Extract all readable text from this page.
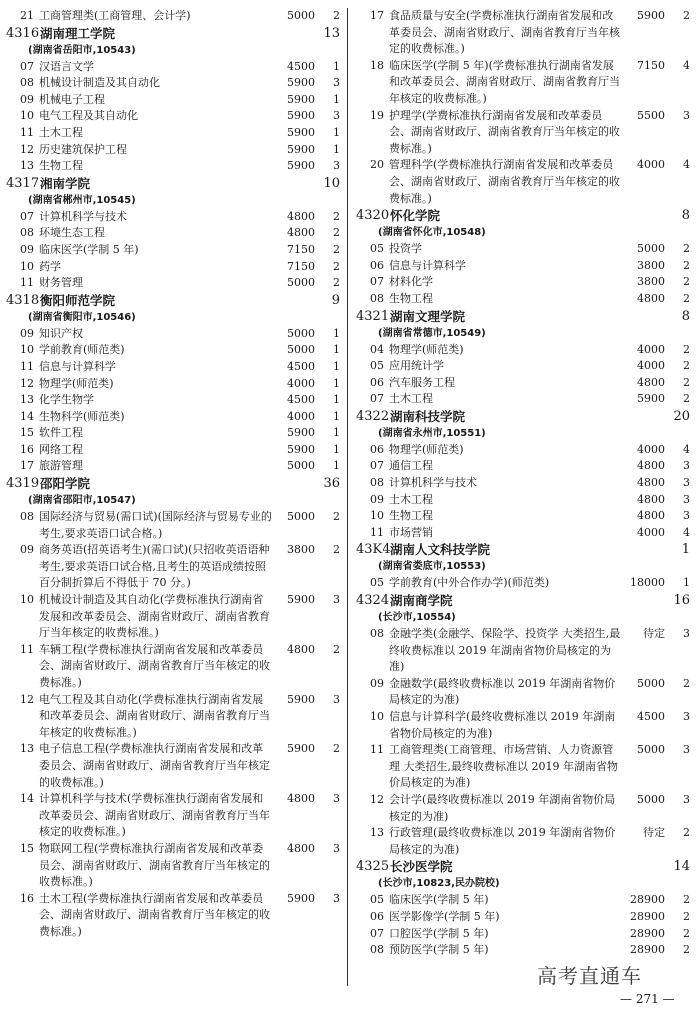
21 工商管理类(工商管理、会计学)	5000 2
4316 湖南理工学院	13

(湖南省岳阳市,10543)
07 汉语言文学	4500 1
08 机械设计制造及其自动化	5900 3
09 机械电子工程	5900 1
10 电气工程及其自动化	5900 3
11 土木工程	5900 1
12 历史建筑保护工程	5900 1
13 生物工程	5900 3
4317 湘南学院	10

(湖南省郴州市,10545)
07 计算机科学与技术	4800 2
08 环境生态工程	4800 2
09 临床医学(学制 5 年)	7150 2
10 药学	7150 2
11 财务管理	5000 2
4318 衡阳师范学院	9

(湖南省衡阳市,10546)
09 知识产权	5000 1
10 学前教育(师范类)	5000 1
11 信息与计算科学	4500 1
12 物理学(师范类)	4000 1
13 化学生物学	4500 1
14 生物科学(师范类)	4000 1
15 软件工程	5900 1
16 网络工程	5900 1
17 旅游管理	5000 1
4319 邵阳学院	36

(湖南省邵阳市,10547)
08 国际经济与贸易(需口试)(国际经济与贸易专业的考生,要求英语口试合格。)
5000 2
09 商务英语(招英语考生)(需口试)(只招收英语语种考生,要求英语口试合格,且考生的英语成绩按照百分制折算后不得低于 70 分。)
3800 2
10 机械设计制造及其自动化(学费标准执行湖南省发展和改革委员会、湖南省财政厅、湖南省教育厅当年核定的收费标准。)
5900 3
11 车辆工程(学费标准执行湖南省发展和改革委员会、湖南省财政厅、湖南省教育厅当年核定的收费标准。)
4800 2
12 电气工程及其自动化(学费标准执行湖南省发展和改革委员会、湖南省财政厅、湖南省教育厅当年核定的收费标准。)
5900 3
13 电子信息工程(学费标准执行湖南省发展和改革委员会、湖南省财政厅、湖南省教育厅当年核定的收费标准。)
5900 2
14 计算机科学与技术(学费标准执行湖南省发展和改革委员会、湖南省财政厅、湖南省教育厅当年核定的收费标准。)
4800 3
15 物联网工程(学费标准执行湖南省发展和改革委员会、湖南省财政厅、湖南省教育厅当年核定的收费标准。)
4800 3
16 土木工程(学费标准执行湖南省发展和改革委员会、湖南省财政厅、湖南省教育厅当年核定的收费标准。)
5900 3
17 食品质量与安全(学费标准执行湖南省发展和改革委员会、湖南省财政厅、湖南省教育厅当年核定的收费标准。)
5900 2
18 临床医学(学制 5 年)(学费标准执行湖南省发展和改革委员会、湖南省财政厅、湖南省教育厅当年核定的收费标准。)
7150 4
19 护理学(学费标准执行湖南省发展和改革委员会、湖南省财政厅、湖南省教育厅当年核定的收费标准。)
5500 3
20 管理科学(学费标准执行湖南省发展和改革委员会、湖南省财政厅、湖南省教育厅当年核定的收费标准。)
4000 4
4320 怀化学院	8

(湖南省怀化市,10548)
05 投资学	5000 2
06 信息与计算科学	3800 2
07 材料化学	3800 2
08 生物工程	4800 2
4321 湖南文理学院	8

(湖南省常德市,10549)
04 物理学(师范类)	4000 2
05 应用统计学	4000 2
06 汽车服务工程	4800 2
07 土木工程	5900 2
4322 湖南科技学院	20

(湖南省永州市,10551)
06 物理学(师范类)	4000 4
07 通信工程	4800 3
08 计算机科学与技术	4800 3
09 土木工程	4800 3
10 生物工程	4800 3
11 市场营销	4000 4
43K4 湖南人文科技学院	1

(湖南省娄底市,10553)
05 学前教育(中外合作办学)(师范类)	18000 1
4324 湖南商学院	16

(长沙市,10554)
08 金融学类(金融学、保险学、投资学 大类招生,最终收费标准以 2019 年湖南省物价局核定的为准)
待定 3
09 金融数学(最终收费标准以 2019 年湖南省物价局核定的为准)
5000 2
10 信息与计算科学(最终收费标准以 2019 年湖南省物价局核定的为准)
4500 3
11 工商管理类(工商管理、市场营销、人力资源管理 大类招生,最终收费标准以 2019 年湖南省物价局核定的为准)
5000 3
12 会计学(最终收费标准以 2019 年湖南省物价局核定的为准)
5000 3
13 行政管理(最终收费标准以 2019 年湖南省物价局核定的为准)
待定 2
4325 长沙医学院	14

(长沙市,10823,民办院校)
05 临床医学(学制 5 年)	28900 2
06 医学影像学(学制 5 年)	28900 2
07 口腔医学(学制 5 年)	28900 2
08 预防医学(学制 5 年)	28900 2
高考直通车
— 271 —
